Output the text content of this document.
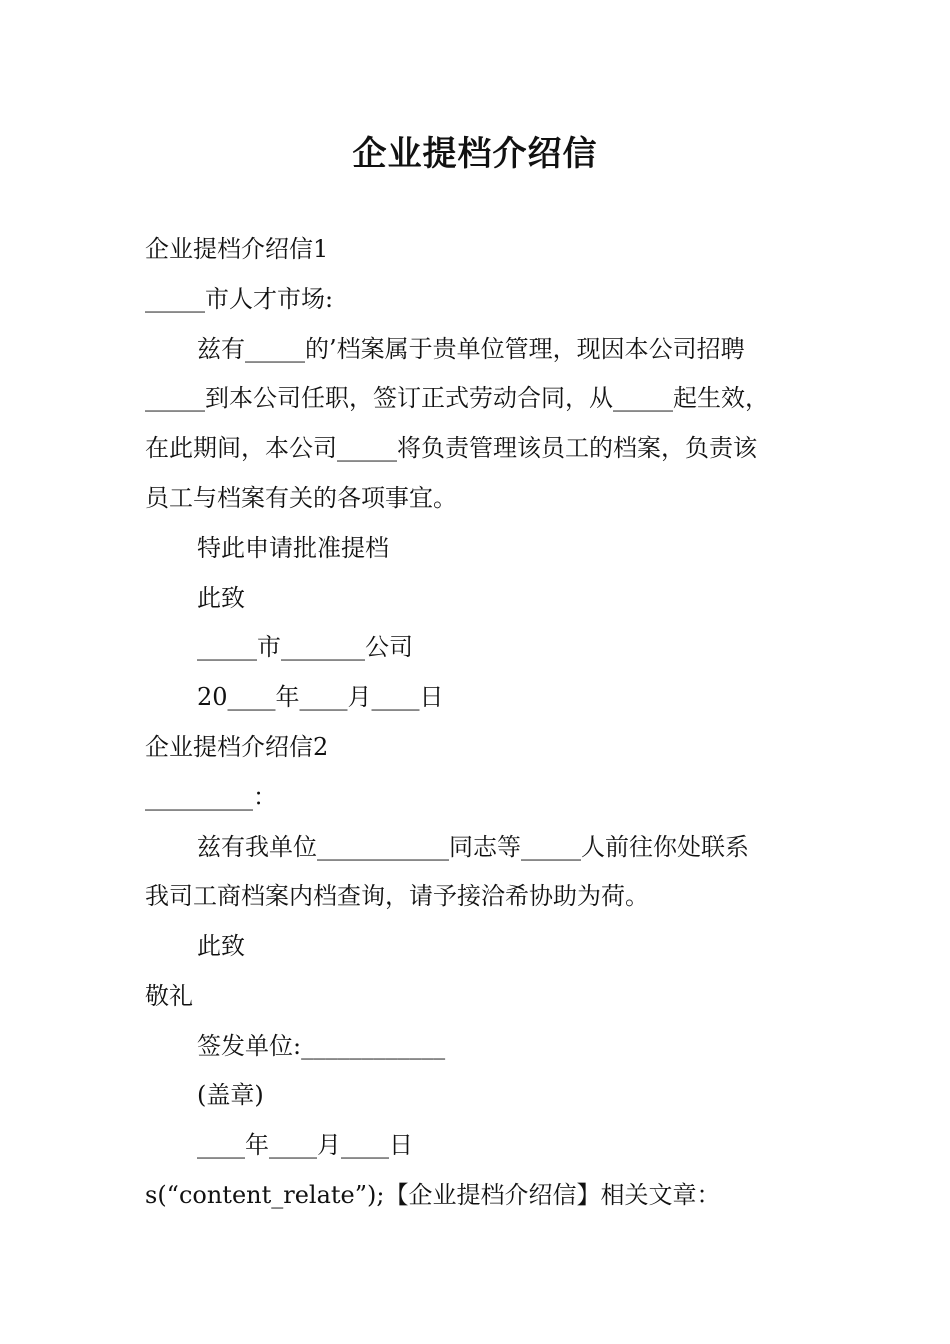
企业提档介绍信
企业提档介绍信1
_____市人才市场:
兹有_____的’档案属于贵单位管理，现因本公司招聘
_____到本公司任职，签订正式劳动合同，从_____起生效，
在此期间，本公司_____将负责管理该员工的档案，负责该
员工与档案有关的各项事宜。
特此申请批准提档
此致
_____市_______公司
20____年____月____日
企业提档介绍信2
_________：
兹有我单位___________同志等_____人前往你处联系
我司工商档案内档查询，请予接洽希协助为荷。
此致
敬礼
签发单位:____________
(盖章)
____年____月____日
s(“content_relate”);【企业提档介绍信】相关文章：
